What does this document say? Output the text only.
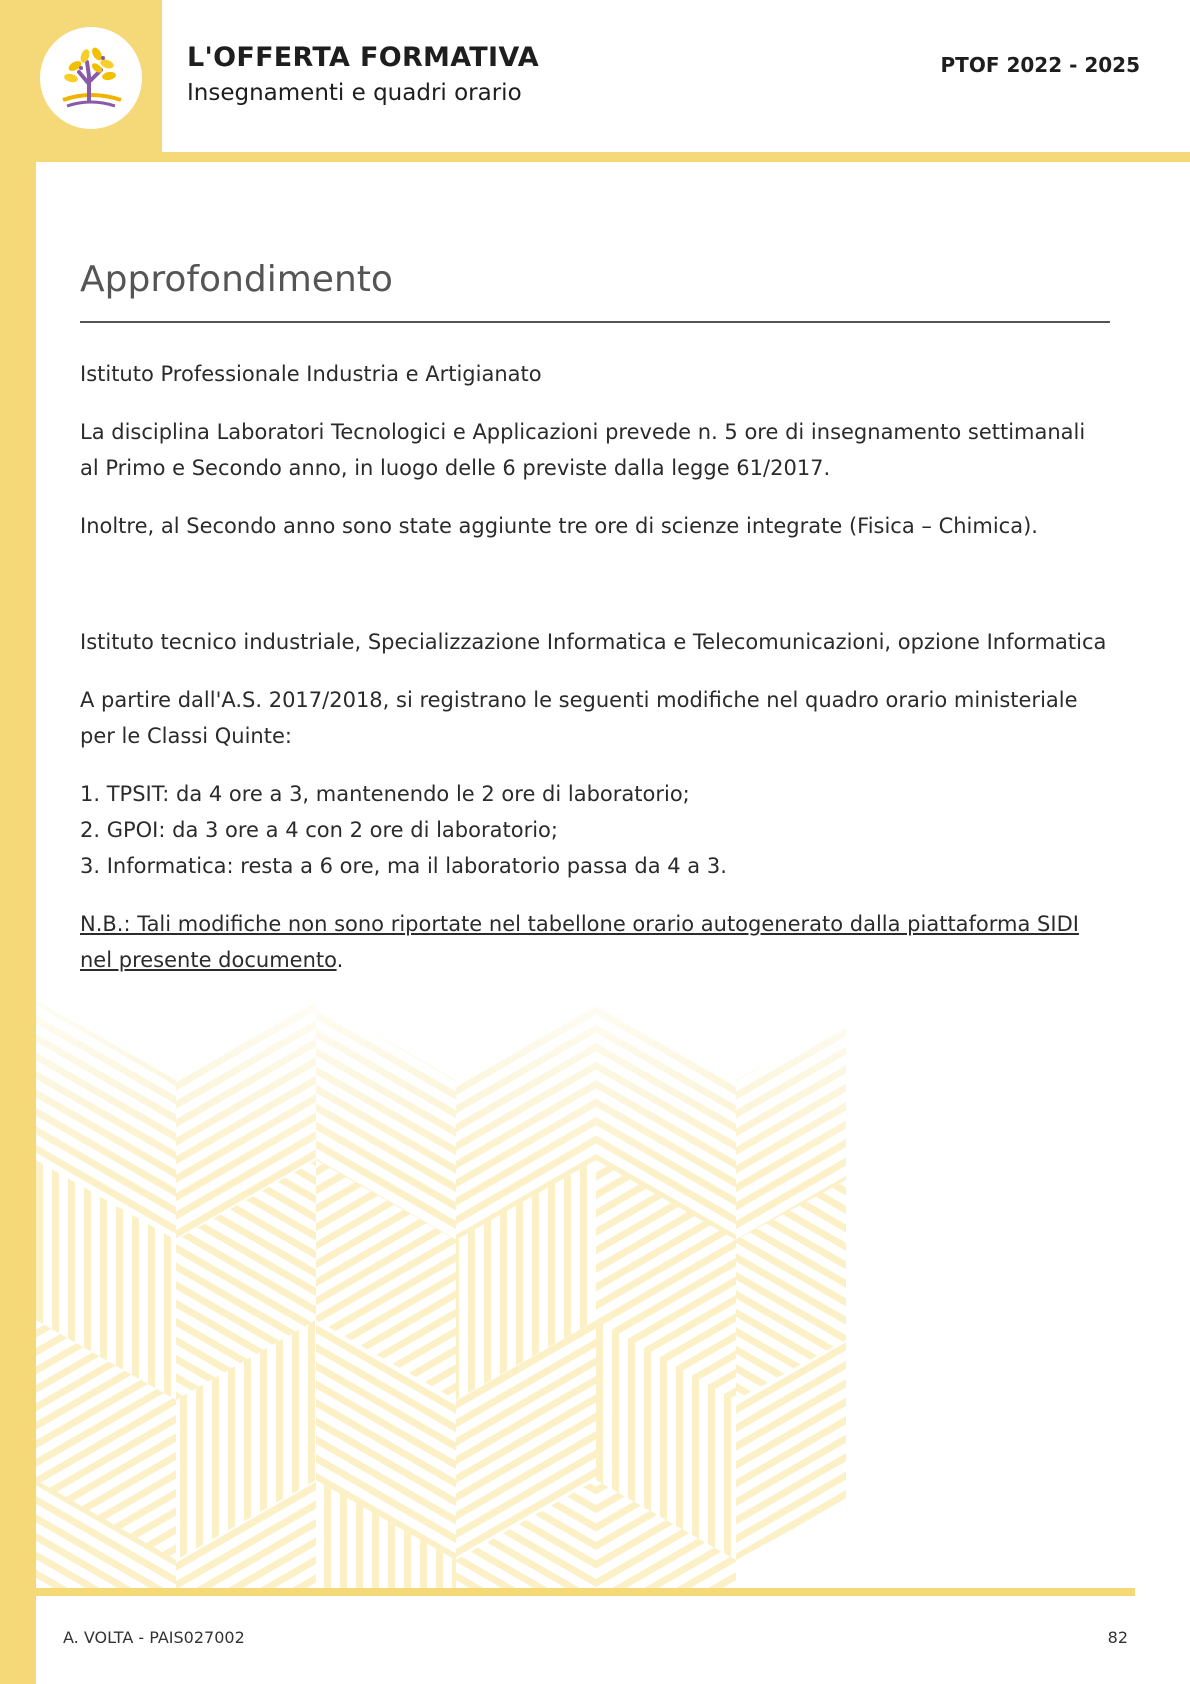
L'OFFERTA FORMATIVA
Insegnamenti e quadri orario
PTOF 2022 - 2025
Approfondimento

Istituto Professionale Industria e Artigianato

La disciplina Laboratori Tecnologici e Applicazioni prevede n. 5 ore di insegnamento settimanali al Primo e Secondo anno, in luogo delle 6 previste dalla legge 61/2017.

Inoltre, al Secondo anno sono state aggiunte tre ore di scienze integrate (Fisica – Chimica).

Istituto tecnico industriale, Specializzazione Informatica e Telecomunicazioni, opzione Informatica

A partire dall'A.S. 2017/2018, si registrano le seguenti modifiche nel quadro orario ministeriale per le Classi Quinte:

1. TPSIT: da 4 ore a 3, mantenendo le 2 ore di laboratorio;

2. GPOI: da 3 ore a 4 con 2 ore di laboratorio;

3. Informatica: resta a 6 ore, ma il laboratorio passa da 4 a 3.

N.B.: Tali modifiche non sono riportate nel tabellone orario autogenerato dalla piattaforma SIDI nel presente documento.

A. VOLTA - PAIS027002	82
